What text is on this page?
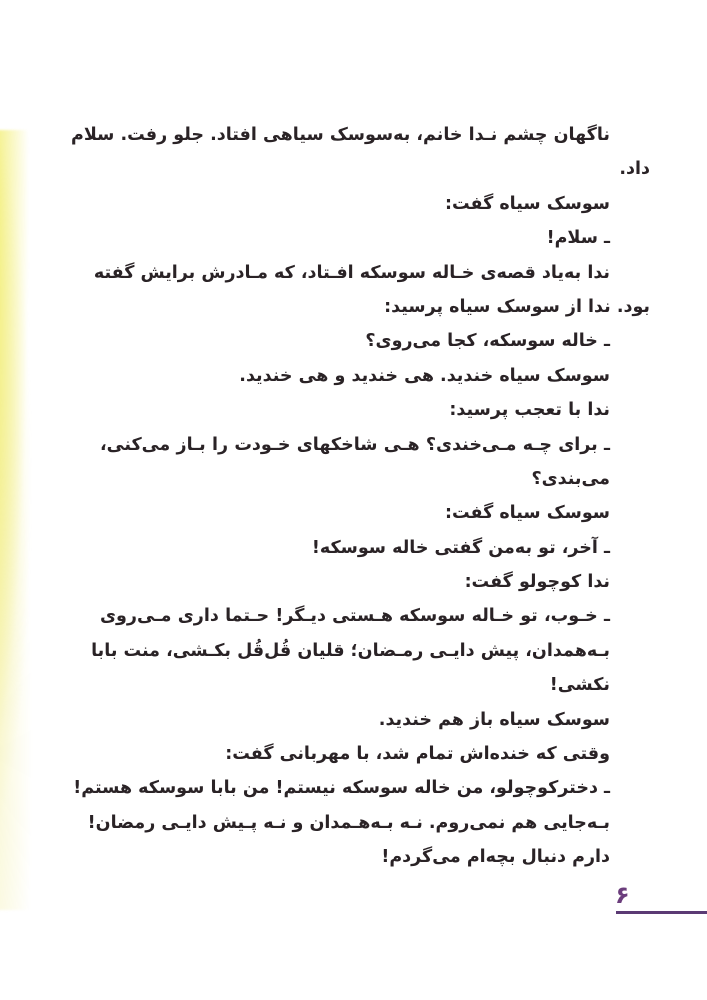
ناگهان چشم نـدا خانم، به‌سوسک سیاهی افتاد. جلو رفت. سلام
داد.
سوسک سیاه گفت:
ـ سلام!
ندا به‌یاد قصه‌ی خـاله سوسکه افـتاد، که مـادرش برایش گفته
بود. ندا از سوسک سیاه پرسید:
ـ خاله سوسکه، کجا می‌روی؟
سوسک سیاه خندید. هی خندید و هی خندید.
ندا با تعجب پرسید:
ـ برای چـه مـی‌خندی؟ هـی شاخکهای خـودت را بـاز می‌کنی،
می‌بندی؟
سوسک سیاه گفت:
ـ آخر، تو به‌من گفتی خاله سوسکه!
ندا کوچولو گفت:
ـ خـوب، تو خـاله سوسکه هـستی دیـگر! حـتما داری مـی‌روی
بـه‌همدان، پیش دایـی رمـضان؛ قلیان قُل‌قُل بکـشی، منت بابا
نکشی!
سوسک سیاه باز هم خندید.
وقتی که خنده‌اش تمام شد، با مهربانی گفت:
ـ دخترکوچولو، من خاله سوسکه نیستم! من بابا سوسکه هستم!
بـه‌جایی هم نمی‌روم. نـه بـه‌هـمدان و نـه پـیش دایـی رمضان!
دارم دنبال بچه‌ام می‌گردم!
۶
